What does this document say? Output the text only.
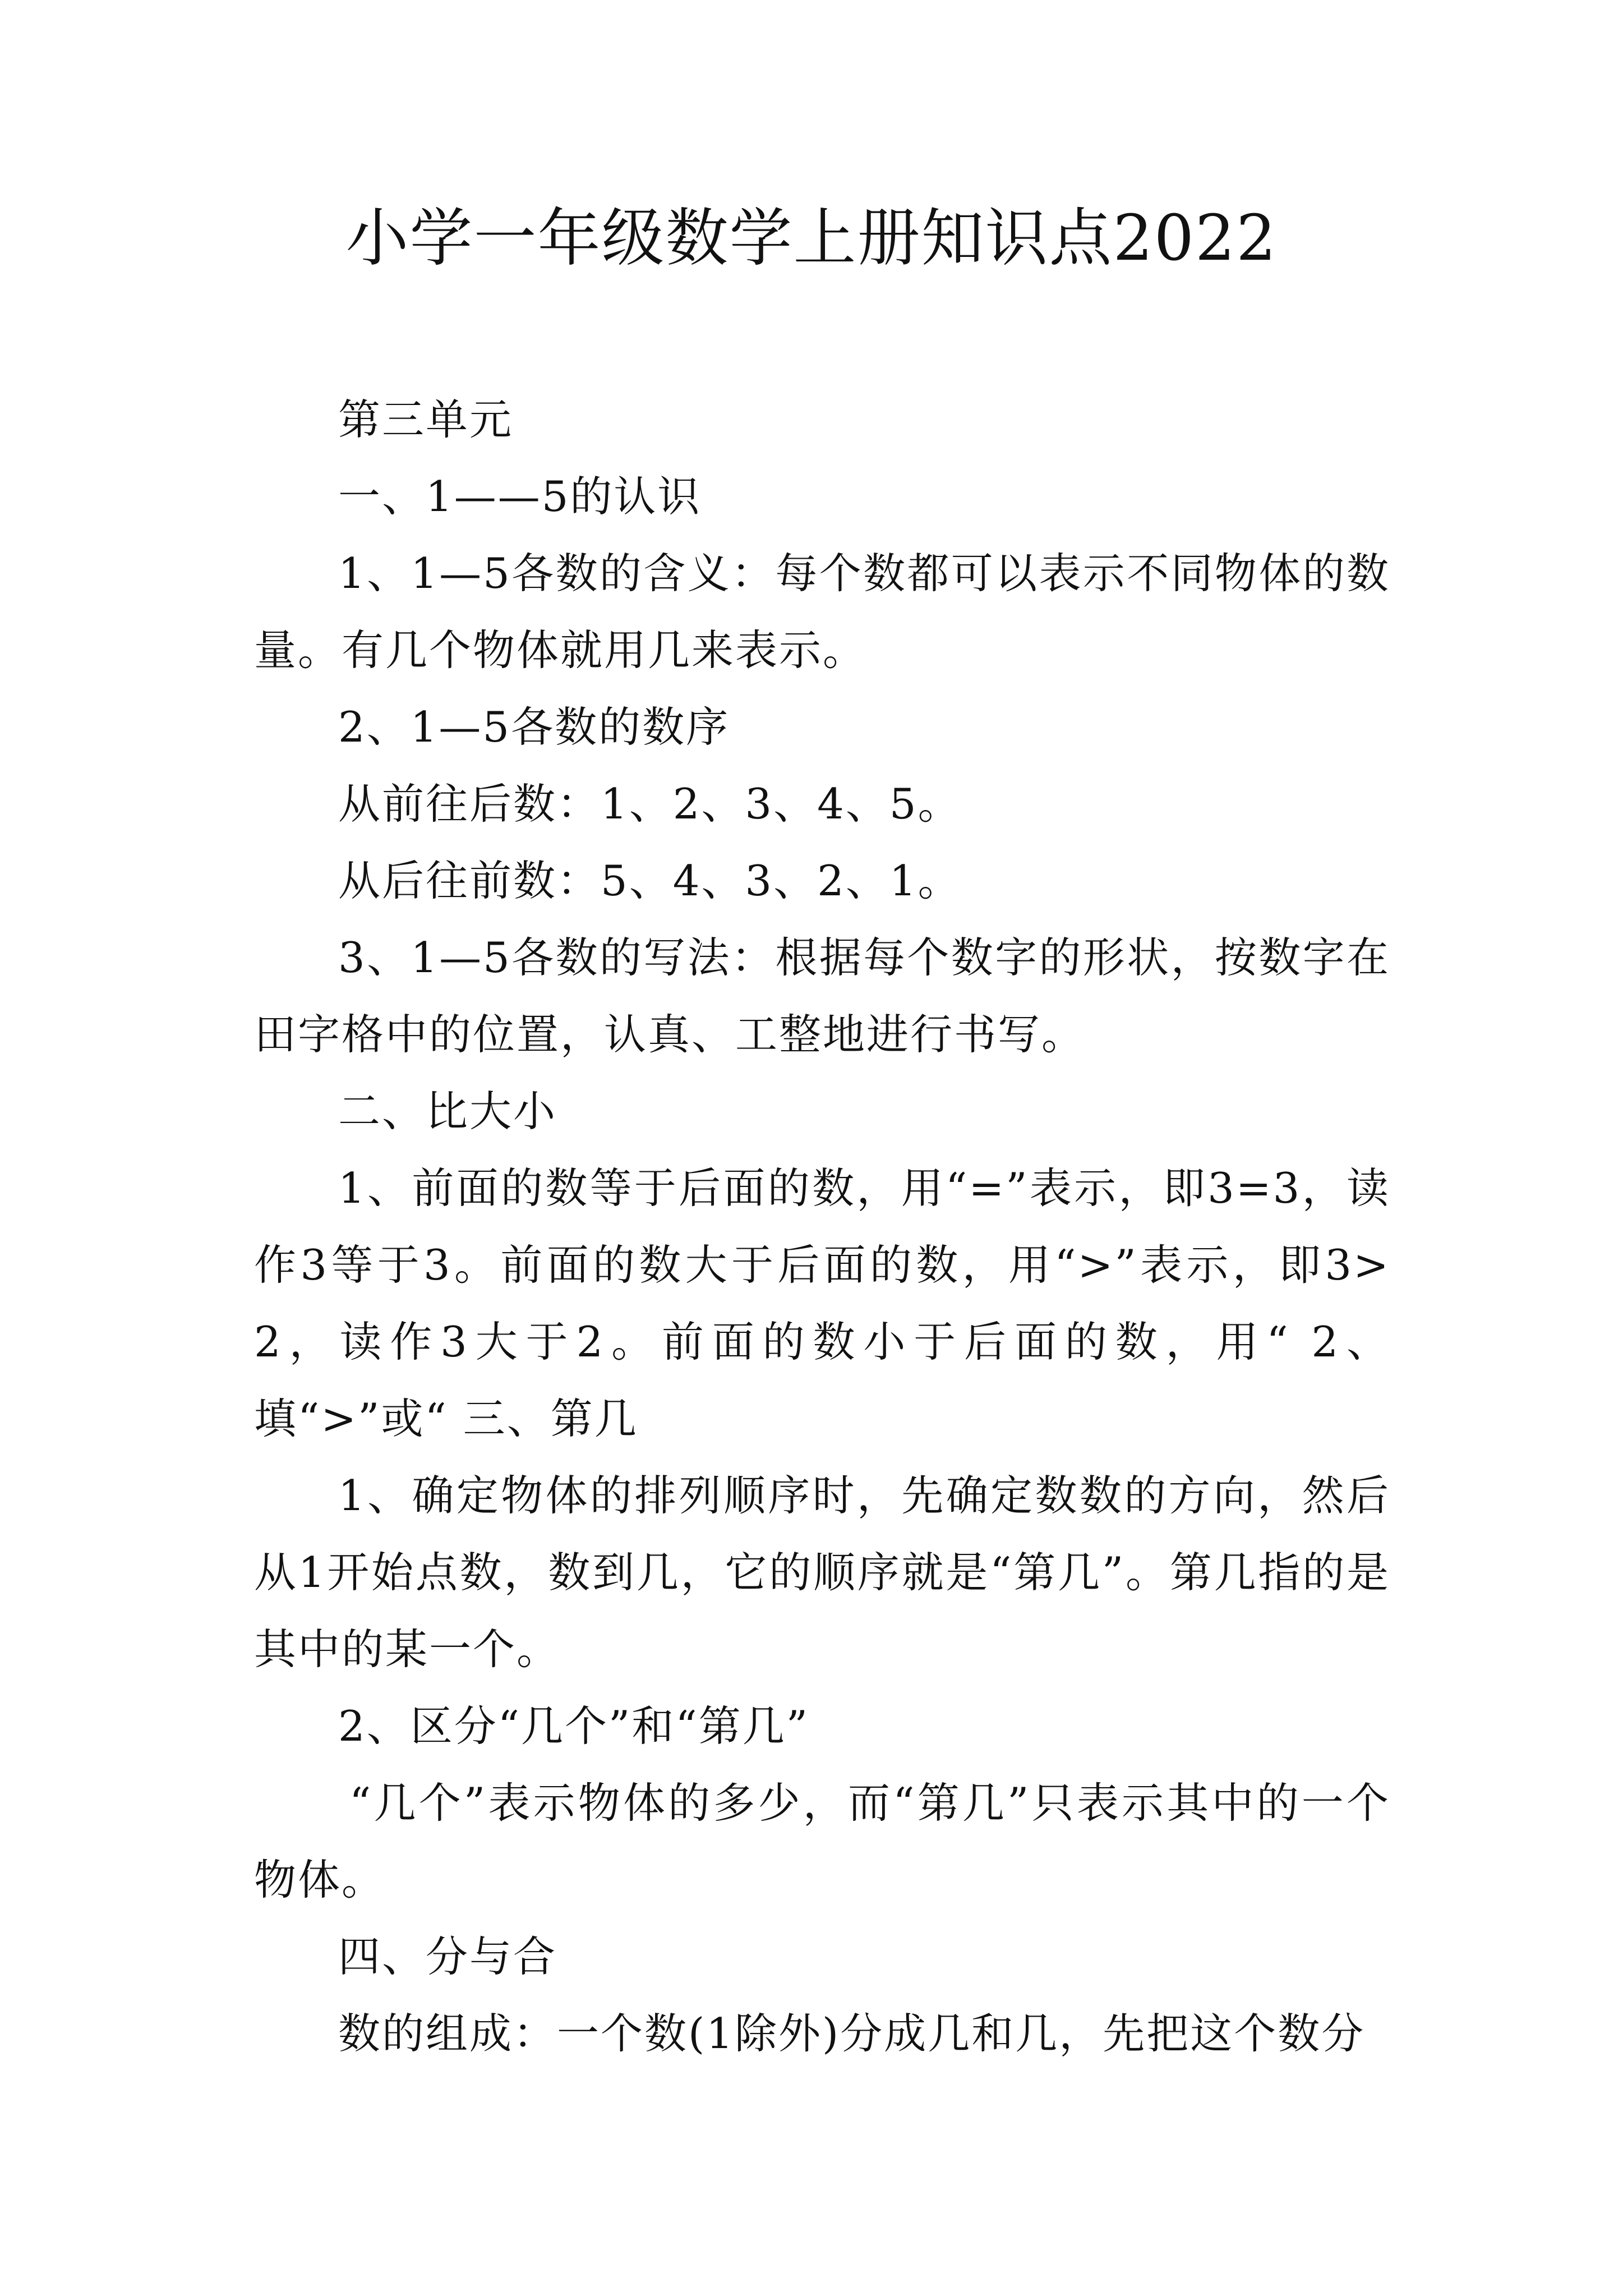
小学一年级数学上册知识点2022

第三单元

一、1——5的认识

1、1—5各数的含义：每个数都可以表示不同物体的数量。有几个物体就用几来表示。

2、1—5各数的数序

从前往后数：1、2、3、4、5。

从后往前数：5、4、3、2、1。

3、1—5各数的写法：根据每个数字的形状，按数字在田字格中的位置，认真、工整地进行书写。

二、比大小

1、前面的数等于后面的数，用“=”表示，即3=3，读作3等于3。前面的数大于后面的数，用“>”表示，即3>2，读作3大于2。前面的数小于后面的数，用“ 2、填“>”或“ 三、第几

1、确定物体的排列顺序时，先确定数数的方向，然后从1开始点数，数到几，它的顺序就是“第几”。第几指的是其中的某一个。

2、区分“几个”和“第几”

“几个”表示物体的多少，而“第几”只表示其中的一个物体。

四、分与合

数的组成：一个数(1除外)分成几和几，先把这个数分
